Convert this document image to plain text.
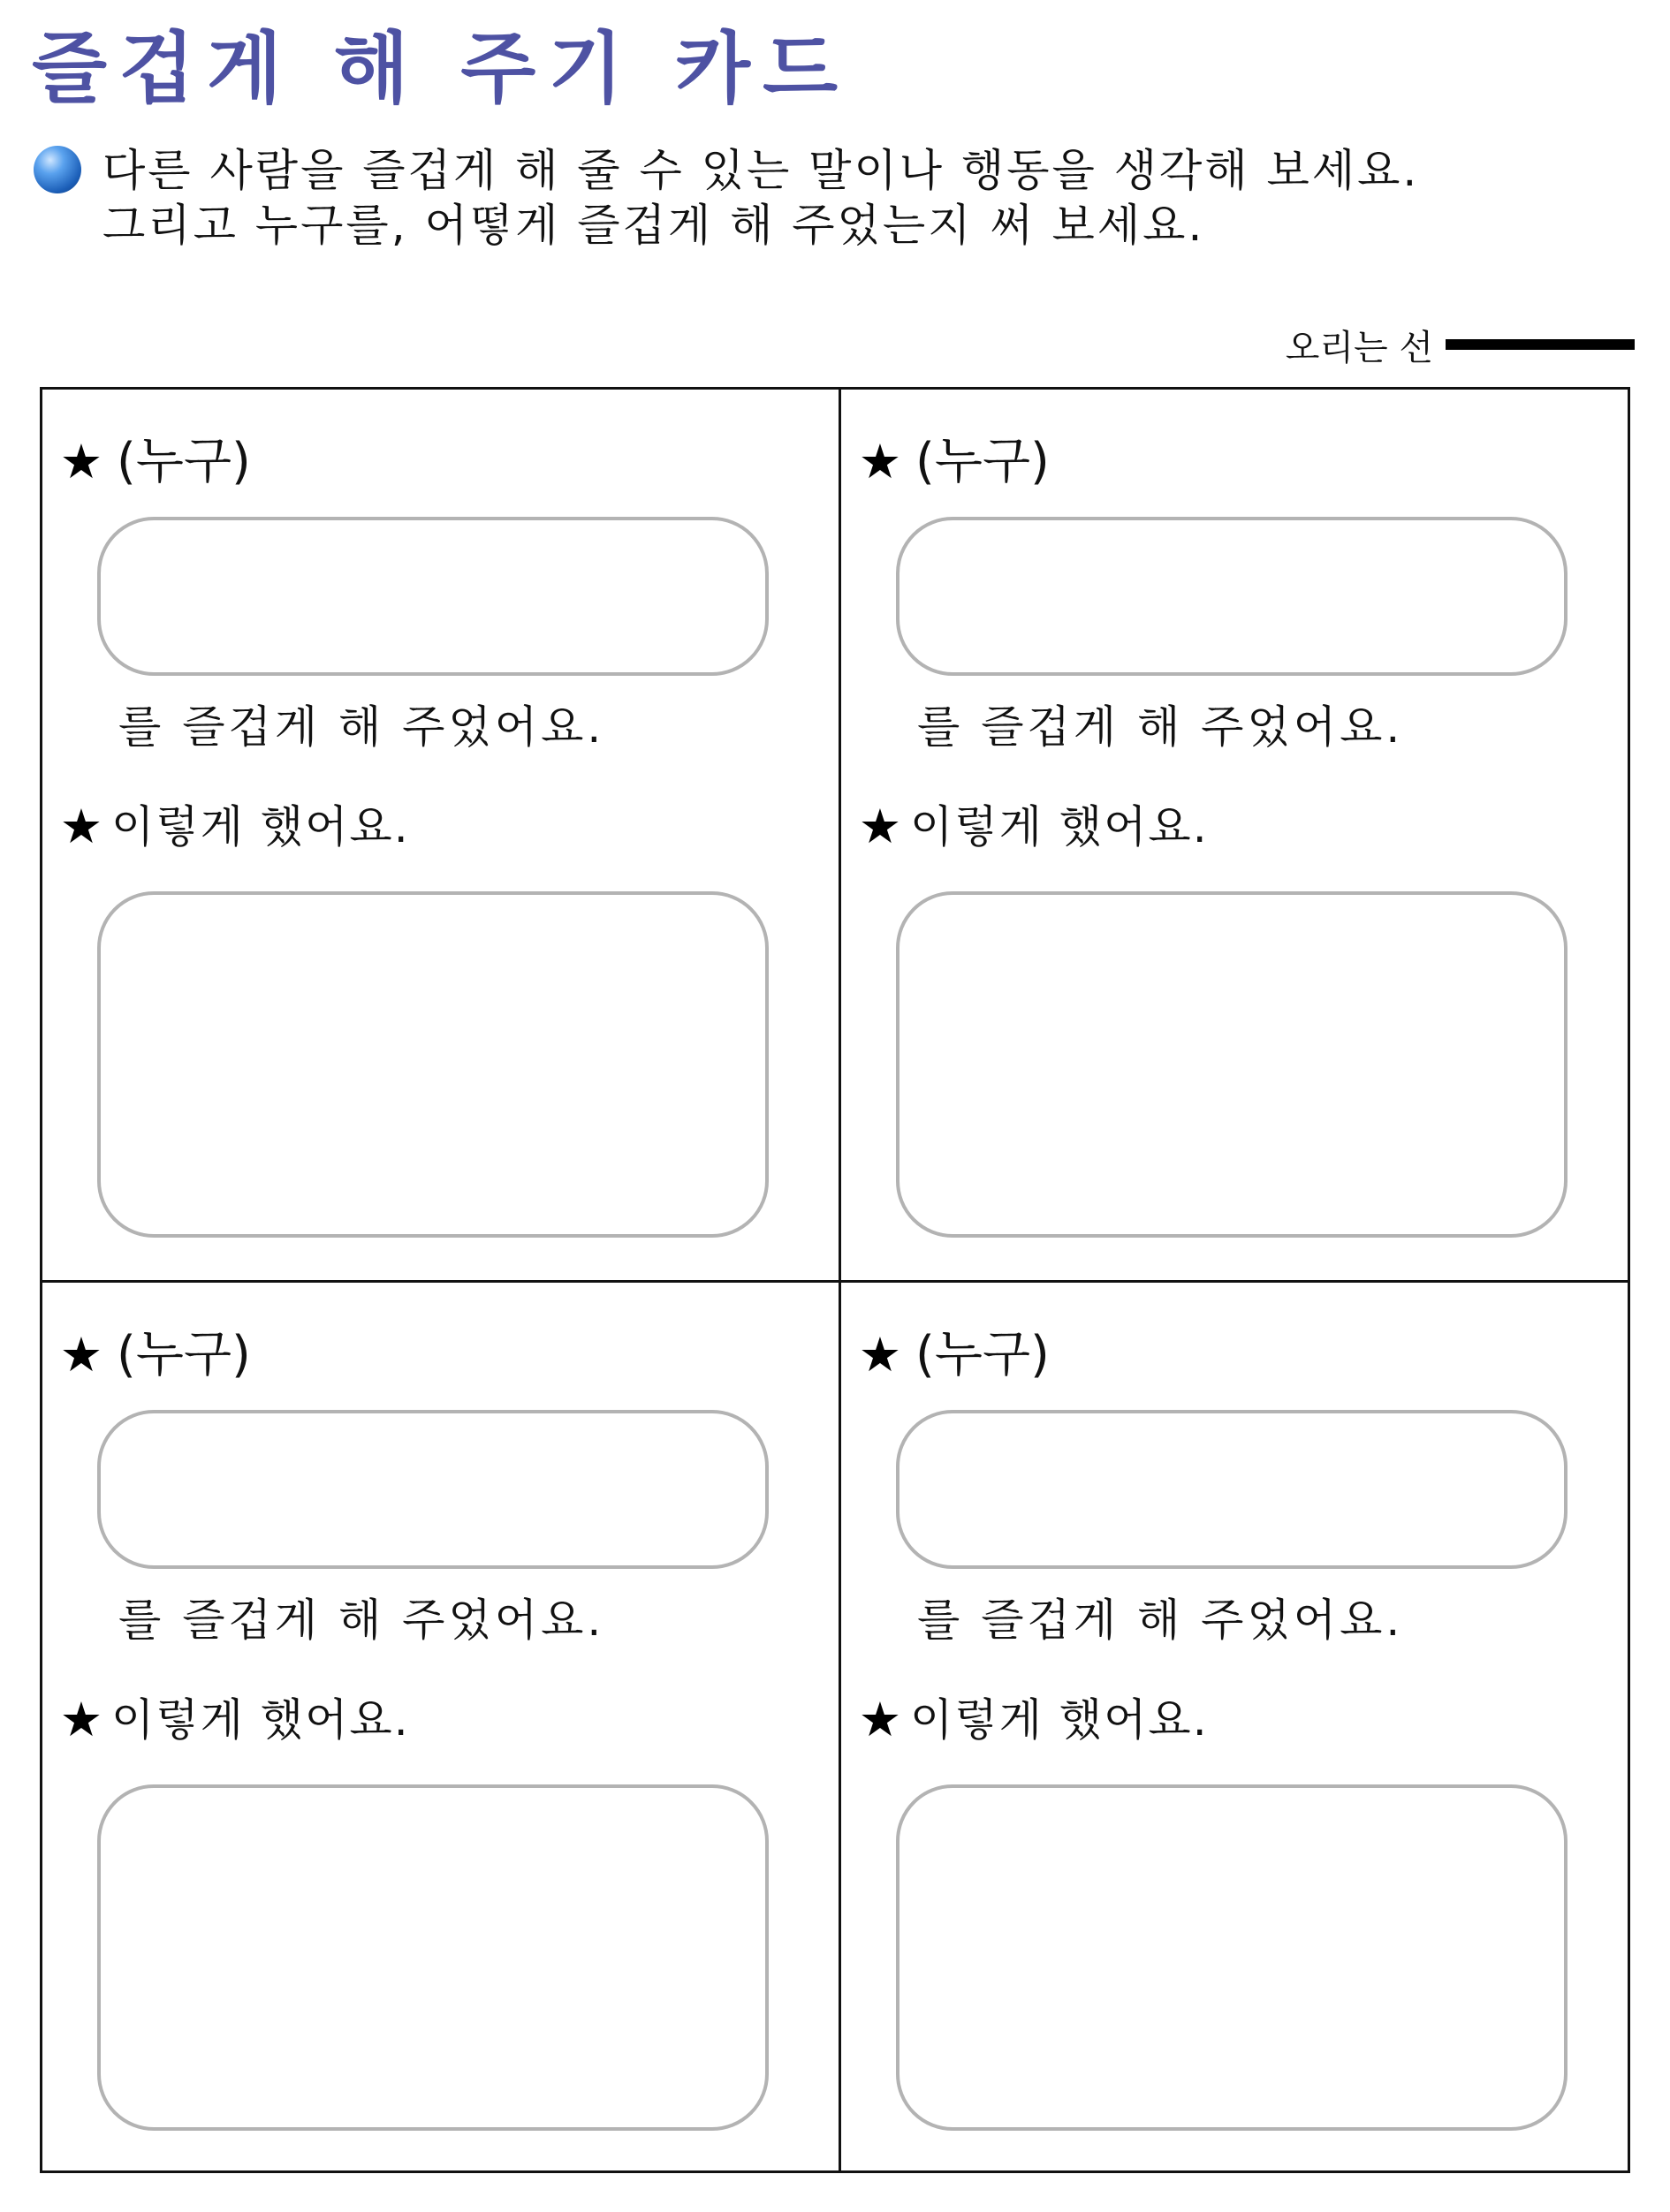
즐겁게 해 주기 카드

다른 사람을 즐겁게 해 줄 수 있는 말이나 행동을 생각해 보세요.

그리고 누구를, 어떻게 즐겁게 해 주었는지 써 보세요.

오리는 선
★ (누구)
를 즐겁게 해 주었어요.
★ 이렇게 했어요.
★ (누구)
를 즐겁게 해 주었어요.
★ 이렇게 했어요.
★ (누구)
를 즐겁게 해 주었어요.
★ 이렇게 했어요.
★ (누구)
를 즐겁게 해 주었어요.
★ 이렇게 했어요.
